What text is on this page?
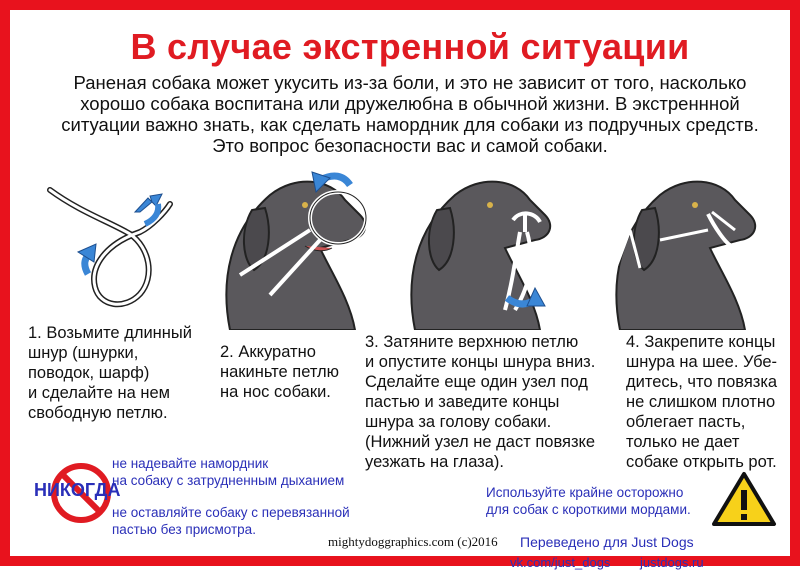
В случае экстренной ситуации
Раненая собака может укусить из-за боли, и это не зависит от того, насколько
хорошо собака воспитана или дружелюбна в обычной жизни. В экстреннной
ситуации важно знать, как сделать намордник для собаки из подручных средств.
Это вопрос безопасности вас и самой собаки.
1. Возьмите длинный
шнур (шнурки,
поводок, шарф)
и сделайте на нем
свободную петлю.
2. Аккуратно
накиньте петлю
на нос собаки.
3. Затяните верхнюю петлю
и опустите концы шнура вниз.
Сделайте еще один узел под
пастью и заведите концы
шнура за голову собаки.
(Нижний узел не даст повязке
уезжать на глаза).
4. Закрепите концы
шнура на шее. Убе-
дитесь, что повязка
не слишком плотно
облегает пасть,
только не дает
собаке открыть рот.
НИКОГДА
не надевайте намордник
на собаку с затрудненным дыханием
не оставляйте собаку с перевязанной
пастью без присмотра.
Используйте крайне осторожно
для собак с короткими мордами.
mightydoggraphics.com (c)2016 Переведено для Just Dogs
vk.com/just_dogs justdogs.ru
